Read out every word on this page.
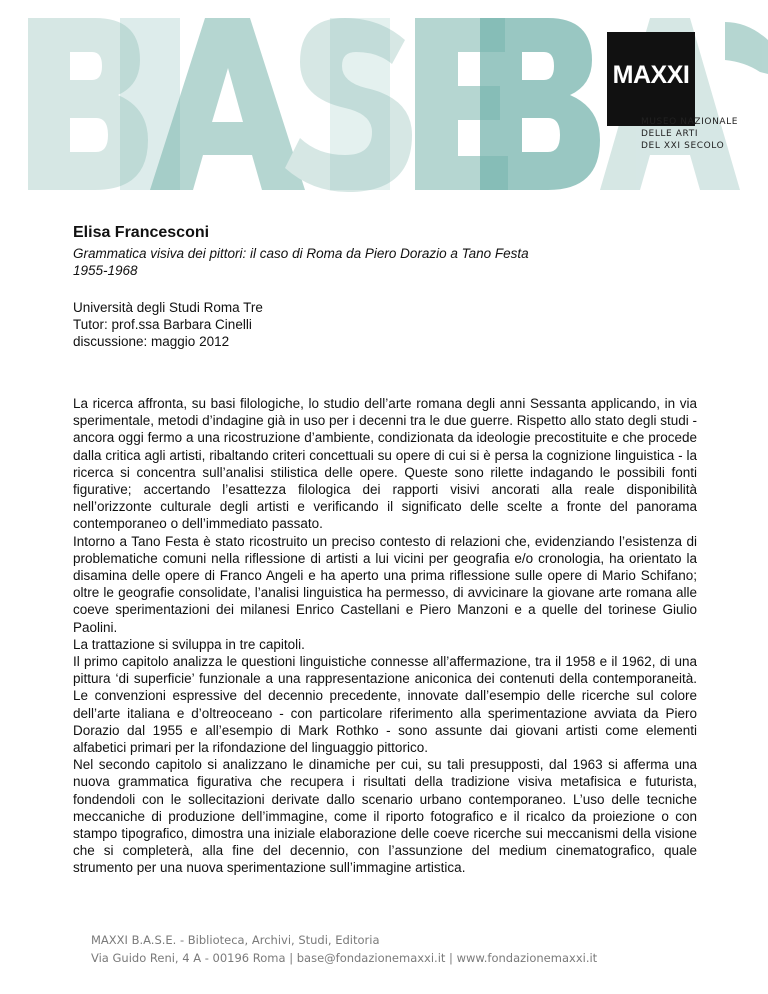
MAXXI
MUSEO NAZIONALE
DELLE ARTI
DEL XXI SECOLO
Elisa Francesconi
Grammatica visiva dei pittori: il caso di Roma da Piero Dorazio a Tano Festa
1955-1968
Università degli Studi Roma Tre
Tutor: prof.ssa Barbara Cinelli
discussione: maggio 2012

La ricerca affronta, su basi filologiche, lo studio dell’arte romana degli anni Sessanta applicando, in via sperimentale, metodi d’indagine già in uso per i decenni tra le due guerre. Rispetto allo stato degli studi - ancora oggi fermo a una ricostruzione d’ambiente, condizionata da ideologie precostituite e che procede dalla critica agli artisti, ribaltando criteri concettuali su opere di cui si è persa la cognizione linguistica - la ricerca si concentra sull’analisi stilistica delle opere. Queste sono rilette indagando le possibili fonti figurative; accertando l’esattezza filologica dei rapporti visivi ancorati alla reale disponibilità nell’orizzonte culturale degli artisti e verificando il significato delle scelte a fronte del panorama contemporaneo o dell’immediato passato.

Intorno a Tano Festa è stato ricostruito un preciso contesto di relazioni che, evidenziando l’esistenza di problematiche comuni nella riflessione di artisti a lui vicini per geografia e/o cronologia, ha orientato la disamina delle opere di Franco Angeli e ha aperto una prima riflessione sulle opere di Mario Schifano; oltre le geografie consolidate, l’analisi linguistica ha permesso, di avvicinare la giovane arte romana alle coeve sperimentazioni dei milanesi Enrico Castellani e Piero Manzoni e a quelle del torinese Giulio Paolini.

La trattazione si sviluppa in tre capitoli.

Il primo capitolo analizza le questioni linguistiche connesse all’affermazione, tra il 1958 e il 1962, di una pittura ‘di superficie’ funzionale a una rappresentazione aniconica dei contenuti della contemporaneità. Le convenzioni espressive del decennio precedente, innovate dall’esempio delle ricerche sul colore dell’arte italiana e d’oltreoceano - con particolare riferimento alla sperimentazione avviata da Piero Dorazio dal 1955 e all’esempio di Mark Rothko - sono assunte dai giovani artisti come elementi alfabetici primari per la rifondazione del linguaggio pittorico.

Nel secondo capitolo si analizzano le dinamiche per cui, su tali presupposti, dal 1963 si afferma una nuova grammatica figurativa che recupera i risultati della tradizione visiva metafisica e futurista, fondendoli con le sollecitazioni derivate dallo scenario urbano contemporaneo. L’uso delle tecniche meccaniche di produzione dell’immagine, come il riporto fotografico e il ricalco da proiezione o con stampo tipografico, dimostra una iniziale elaborazione delle coeve ricerche sui meccanismi della visione che si completerà, alla fine del decennio, con l’assunzione del medium cinematografico, quale strumento per una nuova sperimentazione sull’immagine artistica.

MAXXI B.A.S.E. - Biblioteca, Archivi, Studi, Editoria
Via Guido Reni, 4 A - 00196 Roma | base@fondazionemaxxi.it | www.fondazionemaxxi.it
